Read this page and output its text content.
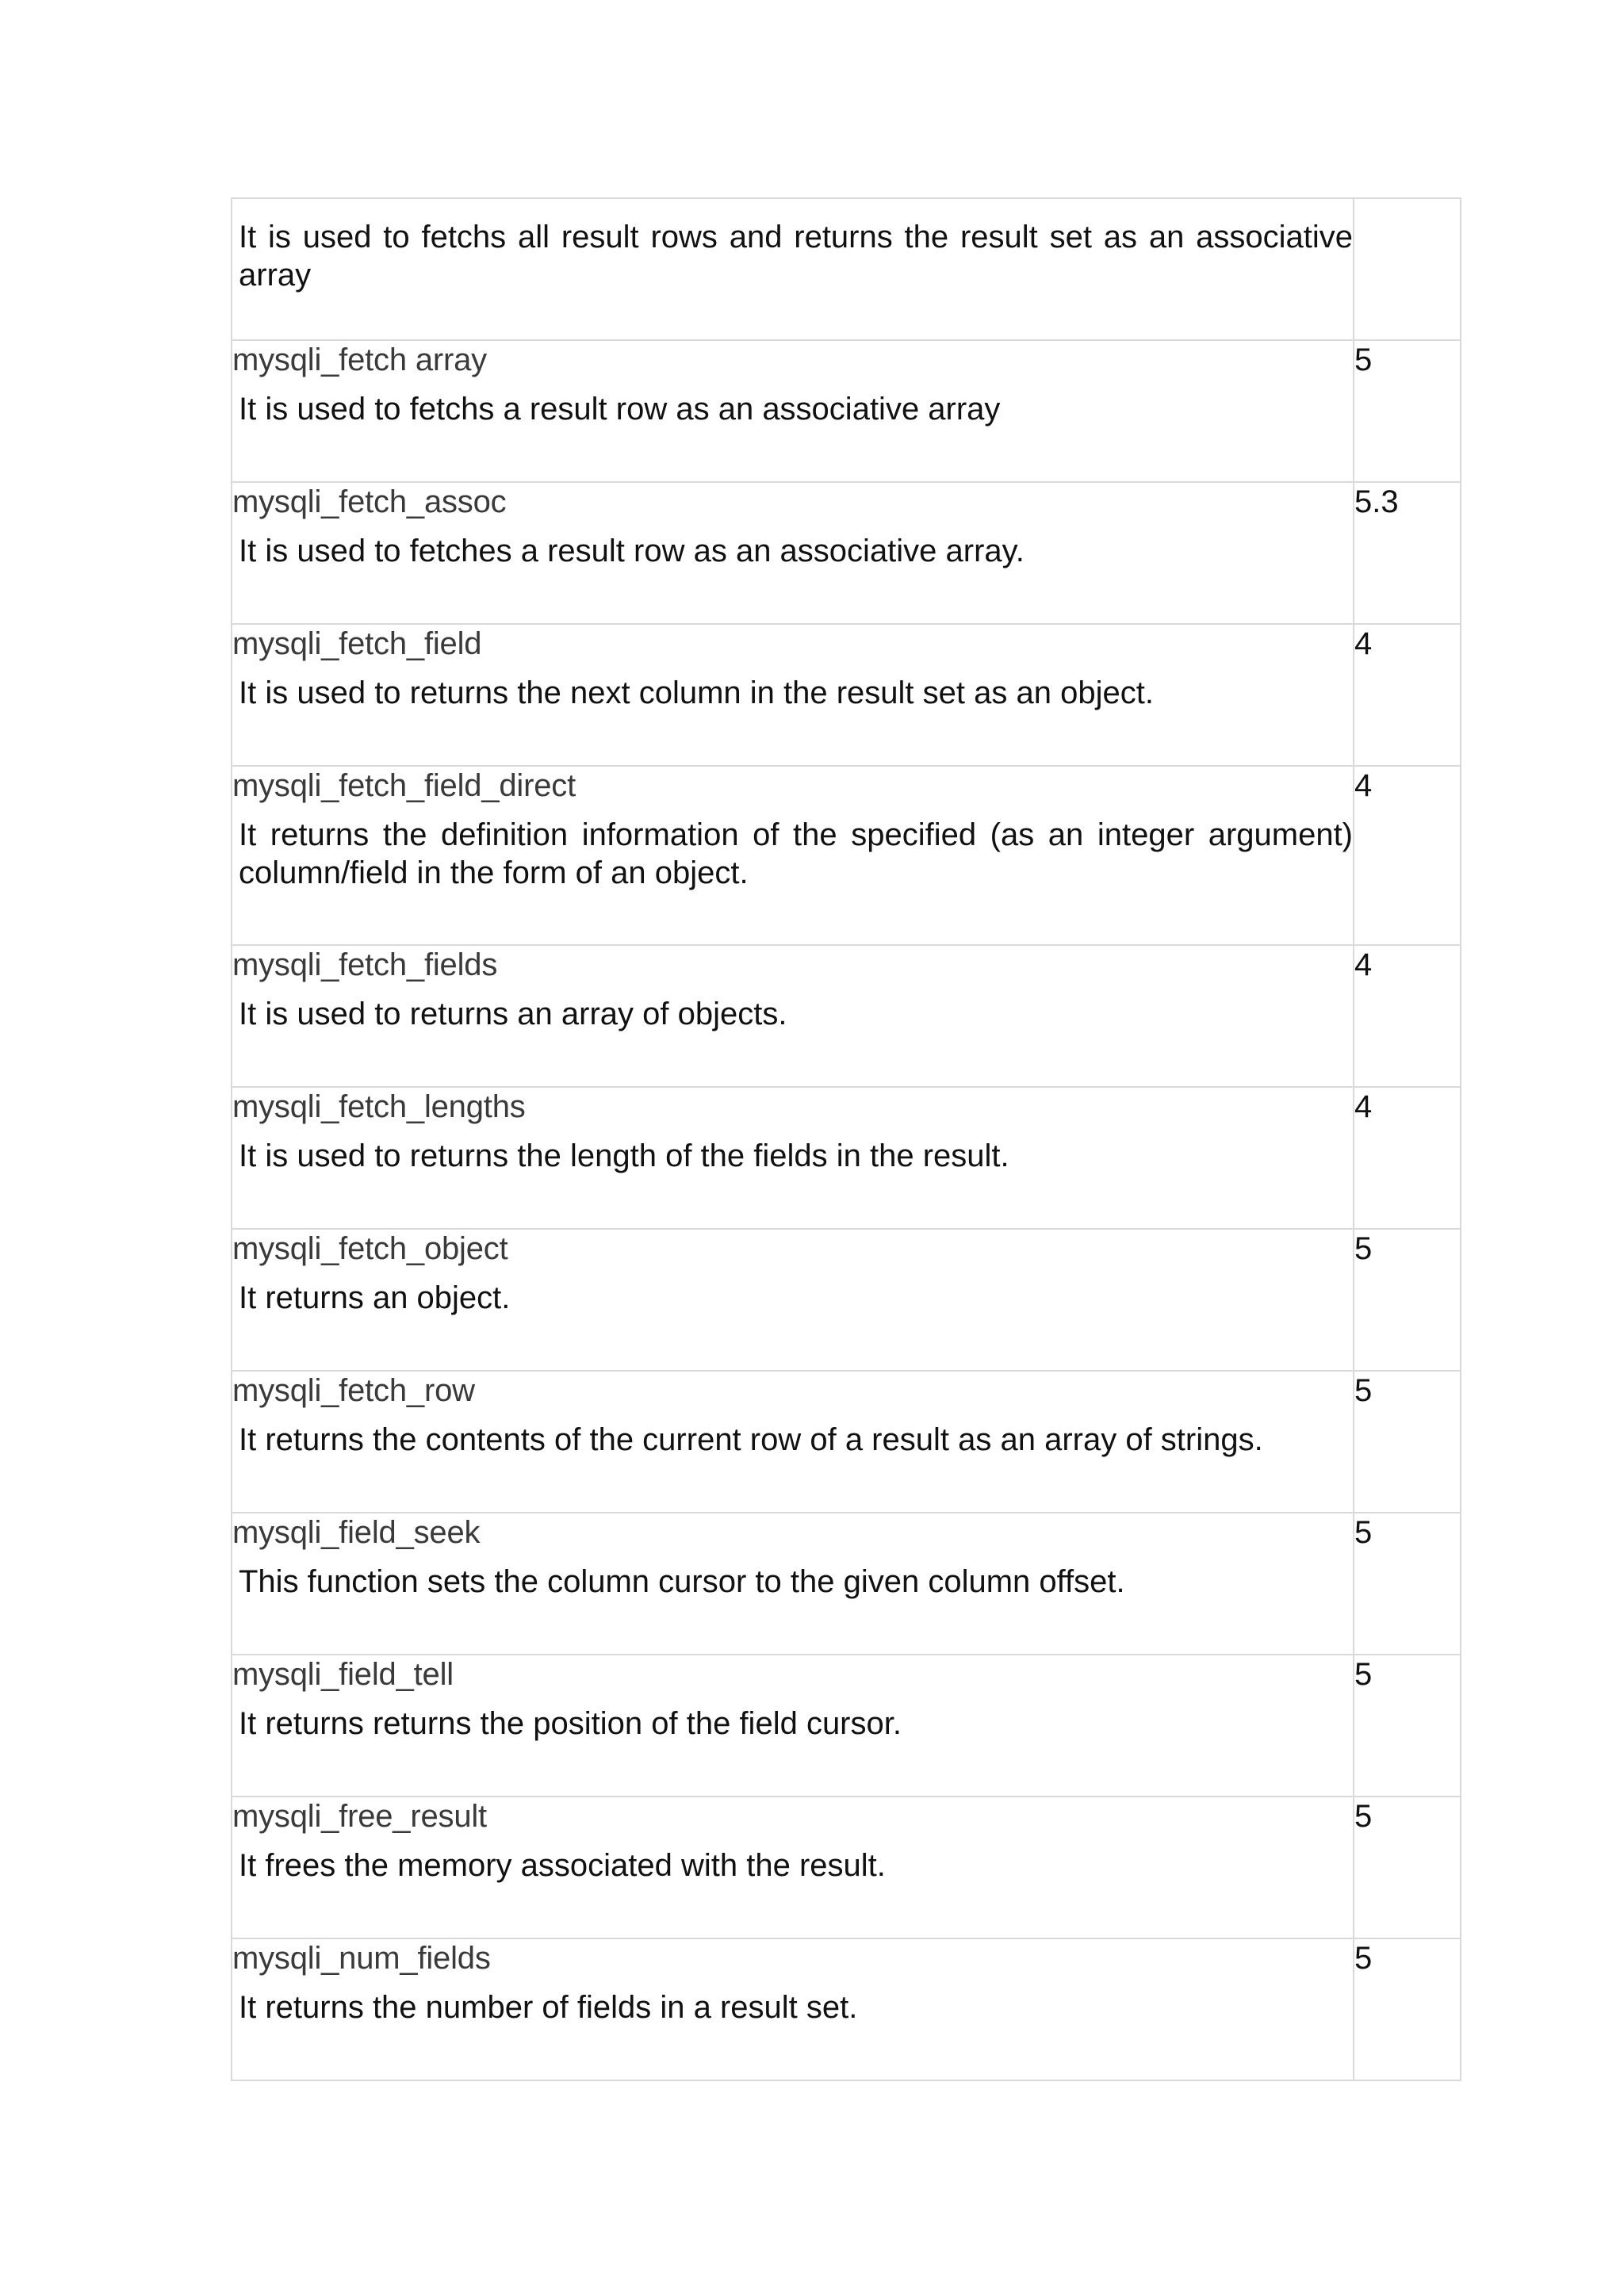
It is used to fetchs all result rows and returns the result set as an associative array	

mysqli_fetch array
It is used to fetchs a result row as an associative array	5

mysqli_fetch_assoc
It is used to fetches a result row as an associative array.	5.3

mysqli_fetch_field
It is used to returns the next column in the result set as an object.	4

mysqli_fetch_field_direct
It returns the definition information of the specified (as an integer argument) column/field in the form of an object.	4

mysqli_fetch_fields
It is used to returns an array of objects.	4

mysqli_fetch_lengths
It is used to returns the length of the fields in the result.	4

mysqli_fetch_object
It returns an object.	5

mysqli_fetch_row
It returns the contents of the current row of a result as an array of strings.	5

mysqli_field_seek
This function sets the column cursor to the given column offset.	5

mysqli_field_tell
It returns returns the position of the field cursor.	5

mysqli_free_result
It frees the memory associated with the result.	5

mysqli_num_fields
It returns the number of fields in a result set.	5
